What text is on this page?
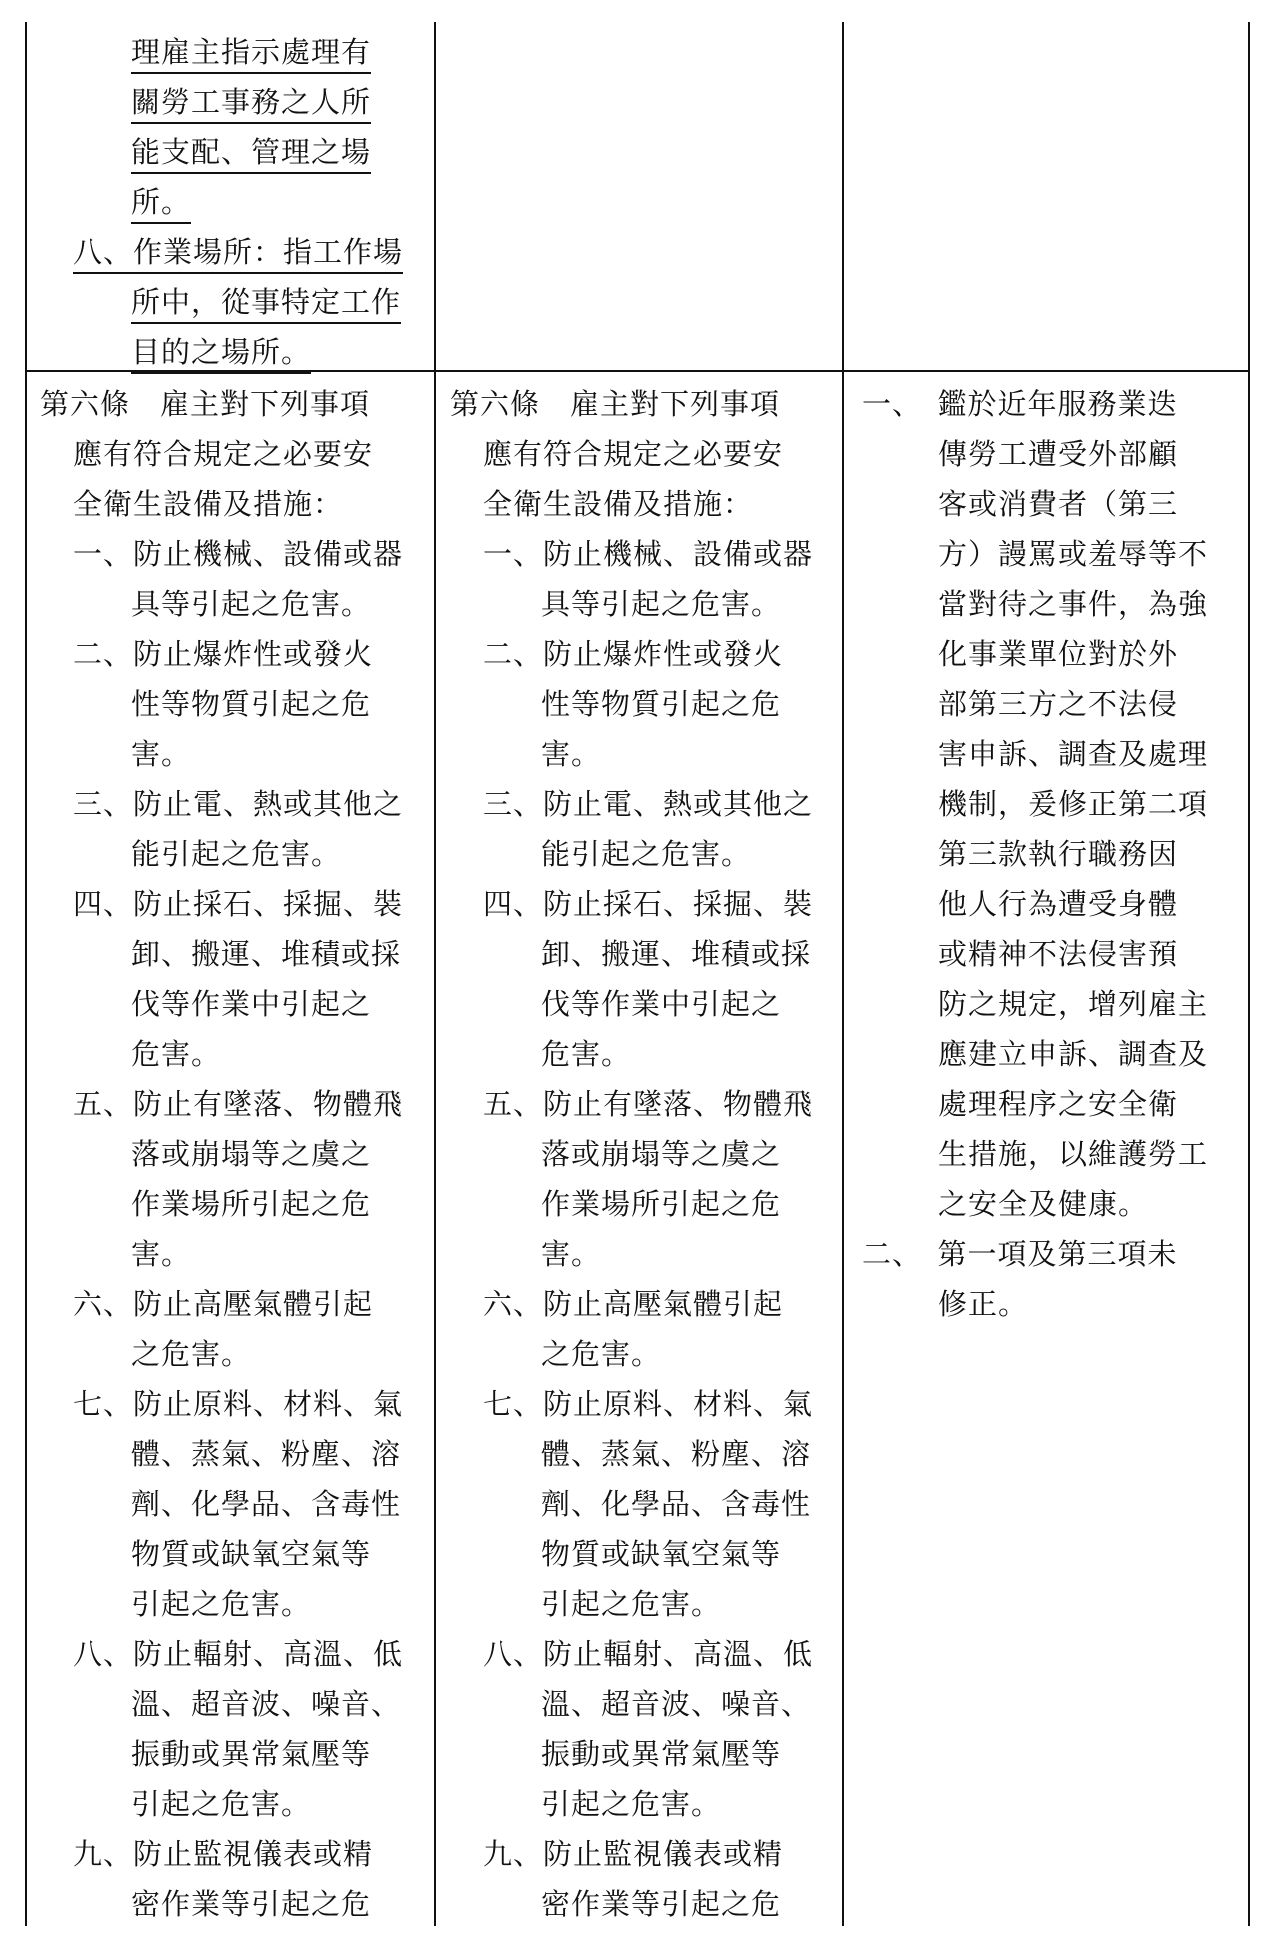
理雇主指示處理有
關勞工事務之人所
能支配、管理之場
所。
八、作業場所：指工作場
所中，從事特定工作
目的之場所。
第六條　雇主對下列事項
應有符合規定之必要安
全衛生設備及措施：
一、防止機械、設備或器
具等引起之危害。
二、防止爆炸性或發火
性等物質引起之危
害。
三、防止電、熱或其他之
能引起之危害。
四、防止採石、採掘、裝
卸、搬運、堆積或採
伐等作業中引起之
危害。
五、防止有墜落、物體飛
落或崩塌等之虞之
作業場所引起之危
害。
六、防止高壓氣體引起
之危害。
七、防止原料、材料、氣
體、蒸氣、粉塵、溶
劑、化學品、含毒性
物質或缺氧空氣等
引起之危害。
八、防止輻射、高溫、低
溫、超音波、噪音、
振動或異常氣壓等
引起之危害。
九、防止監視儀表或精
密作業等引起之危
第六條　雇主對下列事項
應有符合規定之必要安
全衛生設備及措施：
一、防止機械、設備或器
具等引起之危害。
二、防止爆炸性或發火
性等物質引起之危
害。
三、防止電、熱或其他之
能引起之危害。
四、防止採石、採掘、裝
卸、搬運、堆積或採
伐等作業中引起之
危害。
五、防止有墜落、物體飛
落或崩塌等之虞之
作業場所引起之危
害。
六、防止高壓氣體引起
之危害。
七、防止原料、材料、氣
體、蒸氣、粉塵、溶
劑、化學品、含毒性
物質或缺氧空氣等
引起之危害。
八、防止輻射、高溫、低
溫、超音波、噪音、
振動或異常氣壓等
引起之危害。
九、防止監視儀表或精
密作業等引起之危
一、　鑑於近年服務業迭
傳勞工遭受外部顧
客或消費者（第三
方）謾罵或羞辱等不
當對待之事件，為強
化事業單位對於外
部第三方之不法侵
害申訴、調查及處理
機制，爰修正第二項
第三款執行職務因
他人行為遭受身體
或精神不法侵害預
防之規定，增列雇主
應建立申訴、調查及
處理程序之安全衛
生措施，以維護勞工
之安全及健康。
二、　第一項及第三項未
修正。
